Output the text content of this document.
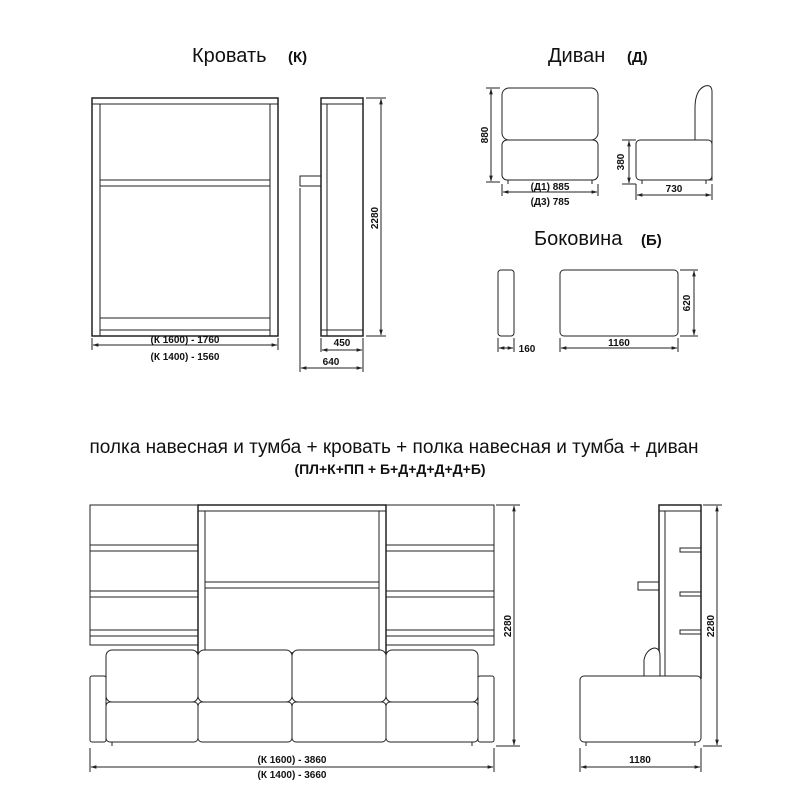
Кровать (К)
(К 1600) - 1760
(К 1400) - 1560
2280
450
640
Диван (Д)
880
(Д1) 885
(Д3) 785
380
730
Боковина (Б)
160
1160
620
полка навесная и тумба + кровать + полка навесная и тумба + диван
(ПЛ+К+ПП + Б+Д+Д+Д+Д+Б)
2280
(К 1600) - 3860
(К 1400) - 3660
2280
1180
